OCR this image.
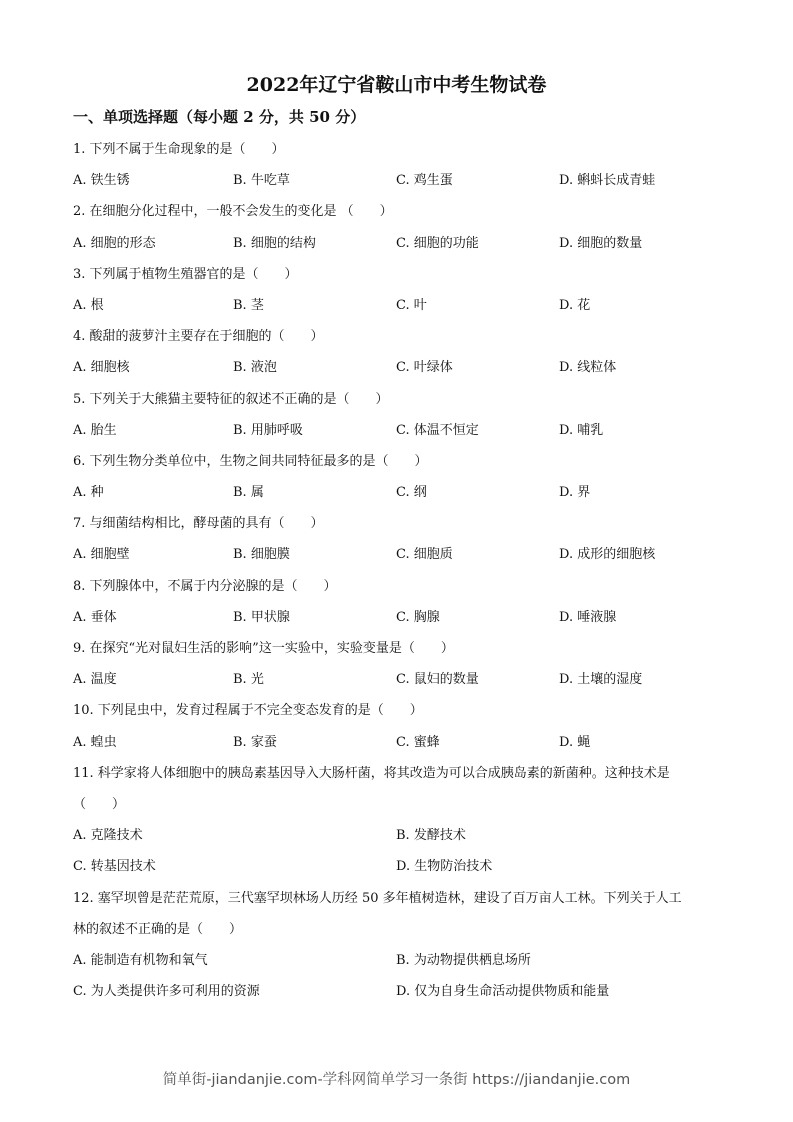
2022年辽宁省鞍山市中考生物试卷
一、单项选择题（每小题 2 分，共 50 分）
1. 下列不属于生命现象的是（　　）
A. 铁生锈	B. 牛吃草	C. 鸡生蛋	D. 蝌蚪长成青蛙
2. 在细胞分化过程中，一般不会发生的变化是 （　　）
A. 细胞的形态	B. 细胞的结构	C. 细胞的功能	D. 细胞的数量
3. 下列属于植物生殖器官的是（　　）
A. 根	B. 茎	C. 叶	D. 花
4. 酸甜的菠萝汁主要存在于细胞的（　　）
A. 细胞核	B. 液泡	C. 叶绿体	D. 线粒体
5. 下列关于大熊猫主要特征的叙述不正确的是（　　）
A. 胎生	B. 用肺呼吸	C. 体温不恒定	D. 哺乳
6. 下列生物分类单位中，生物之间共同特征最多的是（　　）
A. 种	B. 属	C. 纲	D. 界
7. 与细菌结构相比，酵母菌的具有（　　）
A. 细胞壁	B. 细胞膜	C. 细胞质	D. 成形的细胞核
8. 下列腺体中，不属于内分泌腺的是（　　）
A. 垂体	B. 甲状腺	C. 胸腺	D. 唾液腺
9. 在探究“光对鼠妇生活的影响”这一实验中，实验变量是（　　）
A. 温度	B. 光	C. 鼠妇的数量	D. 土壤的湿度
10. 下列昆虫中，发育过程属于不完全变态发育的是（　　）
A. 蝗虫	B. 家蚕	C. 蜜蜂	D. 蝇
11. 科学家将人体细胞中的胰岛素基因导入大肠杆菌，将其改造为可以合成胰岛素的新菌种。这种技术是
（　　）
A. 克隆技术	B. 发酵技术
C. 转基因技术	D. 生物防治技术
12. 塞罕坝曾是茫茫荒原，三代塞罕坝林场人历经 50 多年植树造林，建设了百万亩人工林。下列关于人工
林的叙述不正确的是（　　）
A. 能制造有机物和氧气	B. 为动物提供栖息场所
C. 为人类提供许多可利用的资源	D. 仅为自身生命活动提供物质和能量
简单街-jiandanjie.com-学科网简单学习一条街 https://jiandanjie.com
